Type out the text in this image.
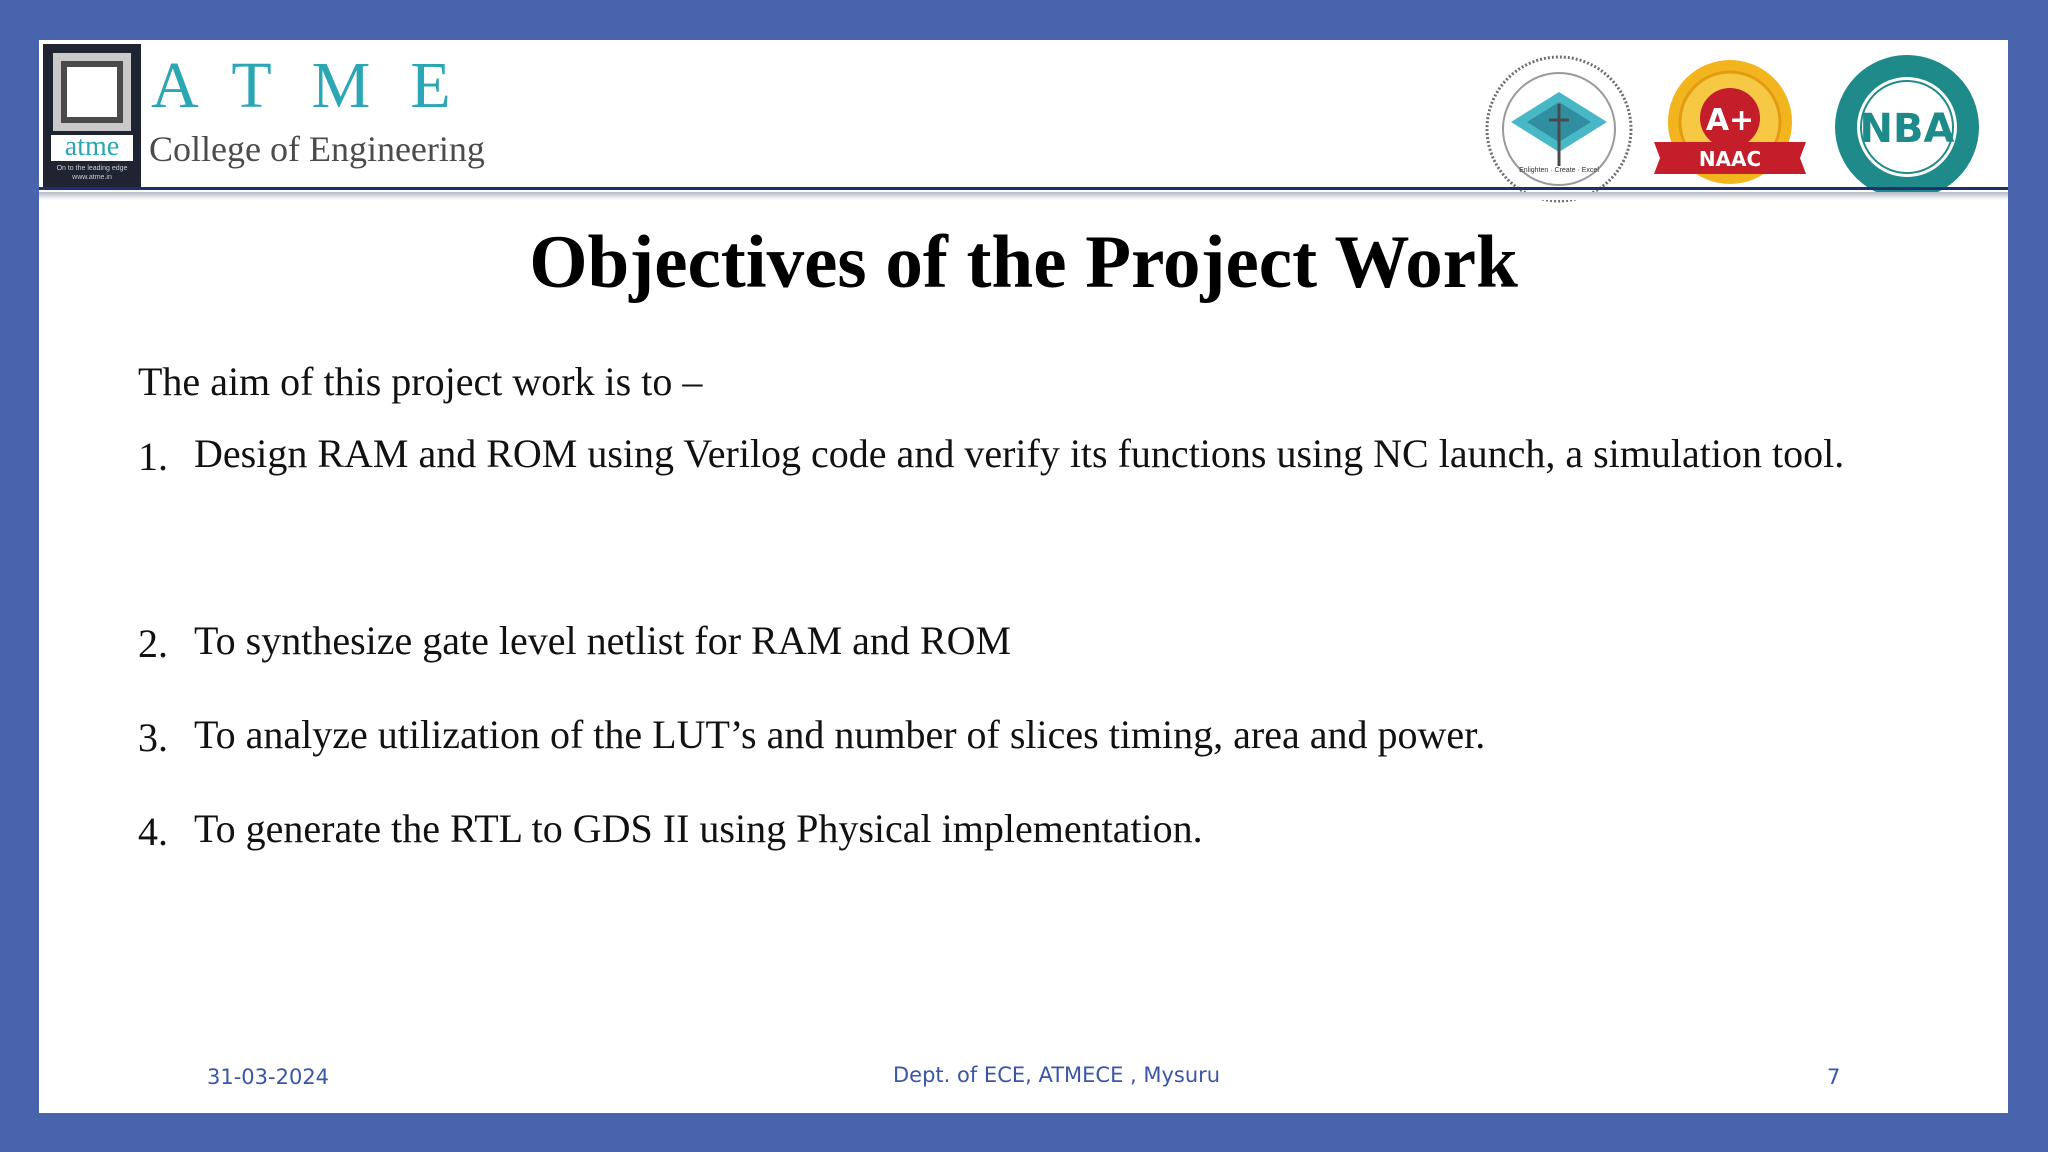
atme
On to the leading edge
www.atme.in
ATME
College of Engineering
Enlighten · Create · Excel
A+
NAAC
NBA
Objectives of the Project Work
The aim of this project work is to –
1. Design RAM and ROM using Verilog code and verify its functions using NC launch, a simulation tool.
2. To synthesize gate level netlist for RAM and ROM
3. To analyze utilization of the LUT’s and number of slices timing, area and power.
4. To generate the RTL to GDS II using Physical implementation.
31-03-2024	Dept. of ECE, ATMECE , Mysuru	7
